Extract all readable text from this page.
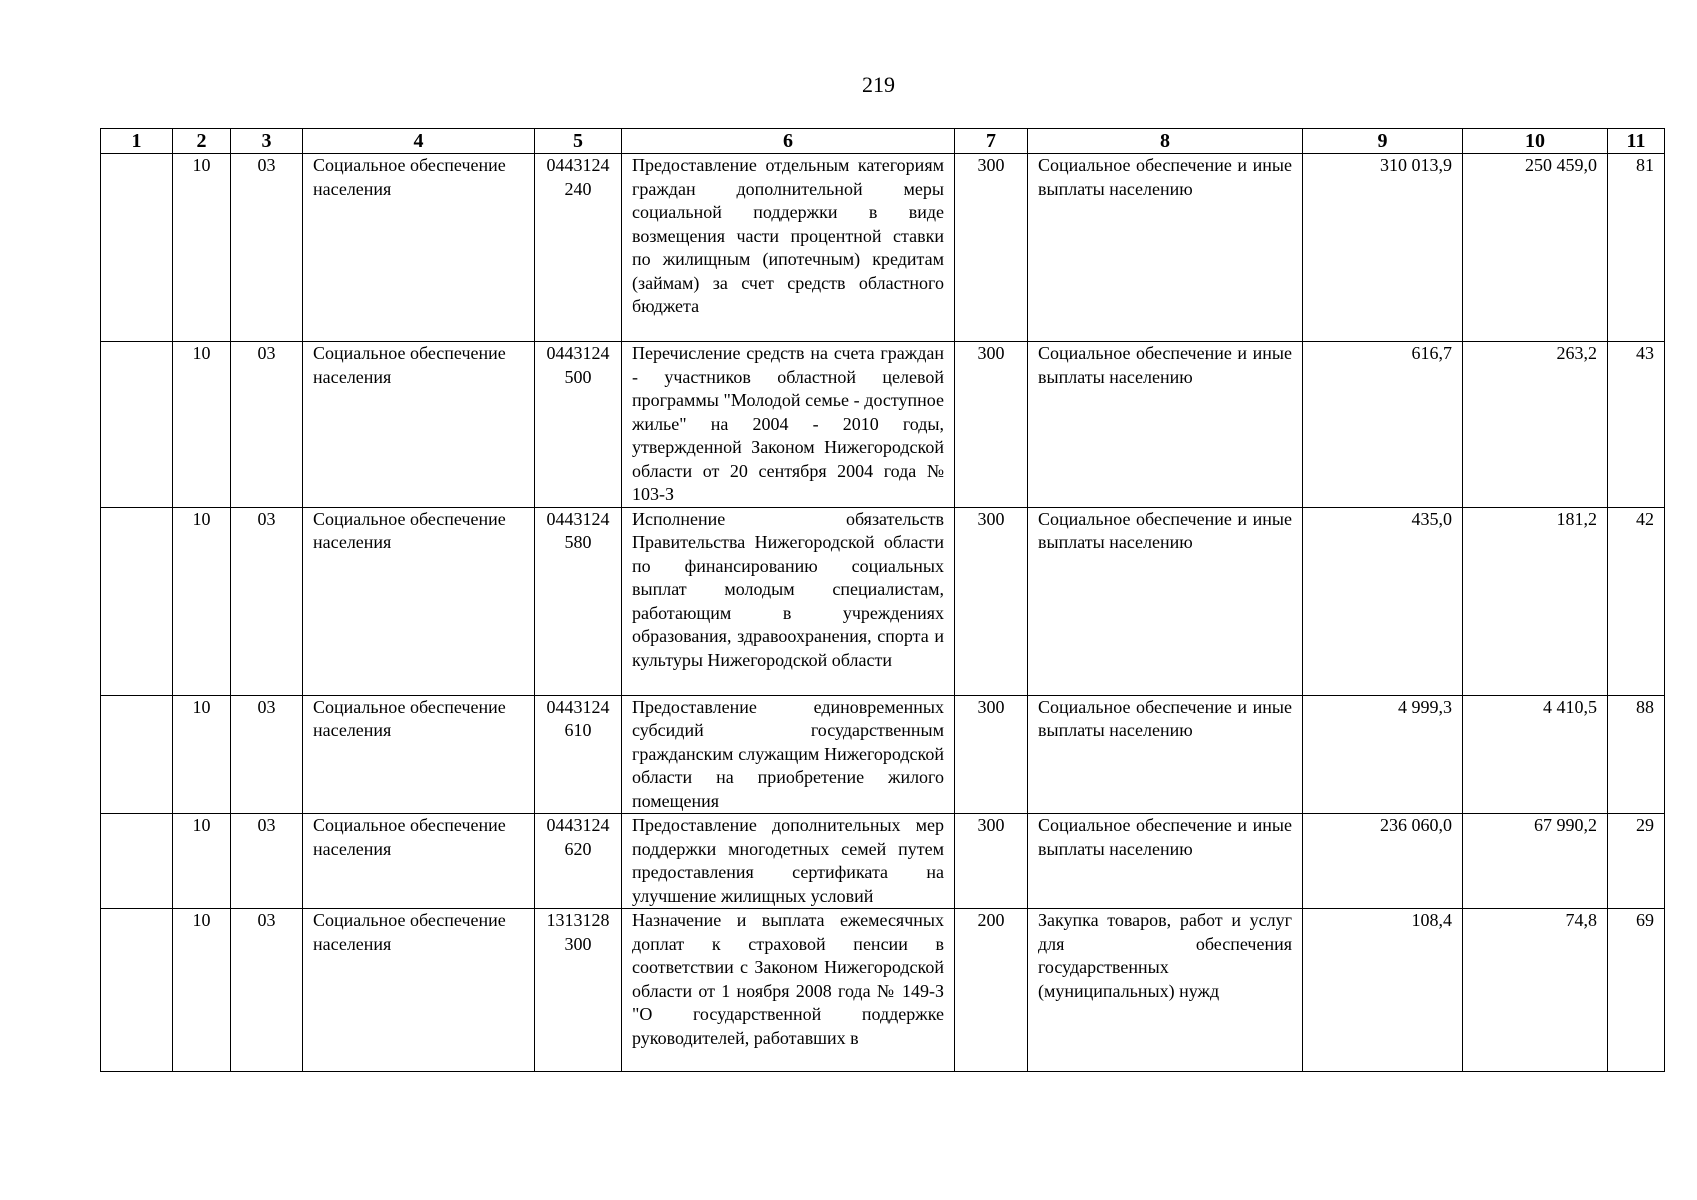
219
1	2	3	4	5	6	7	8	9	10	11
	10	03	Социальное обеспечение населения	0443124240	Предоставление отдельным категориям граждан дополнительной меры социальной поддержки в виде возмещения части процентной ставки по жилищным (ипотечным) кредитам (займам) за счет средств областного бюджета	300	Социальное обеспечение и иные выплаты населению	310 013,9	250 459,0	81
	10	03	Социальное обеспечение населения	0443124500	Перечисление средств на счета граждан - участников областной целевой программы "Молодой семье - доступное жилье" на 2004 - 2010 годы, утвержденной Законом Нижегородской области от 20 сентября 2004 года № 103-З	300	Социальное обеспечение и иные выплаты населению	616,7	263,2	43
	10	03	Социальное обеспечение населения	0443124580	Исполнение обязательств Правительства Нижегородской области по финансированию социальных выплат молодым специалистам, работающим в учреждениях образования, здравоохранения, спорта и культуры Нижегородской области	300	Социальное обеспечение и иные выплаты населению	435,0	181,2	42
	10	03	Социальное обеспечение населения	0443124610	Предоставление единовременных субсидий государственным гражданским служащим Нижегородской области на приобретение жилого помещения	300	Социальное обеспечение и иные выплаты населению	4 999,3	4 410,5	88
	10	03	Социальное обеспечение населения	0443124620	Предоставление дополнительных мер поддержки многодетных семей путем предоставления сертификата на улучшение жилищных условий	300	Социальное обеспечение и иные выплаты населению	236 060,0	67 990,2	29
	10	03	Социальное обеспечение населения	1313128300	Назначение и выплата ежемесячных доплат к страховой пенсии в соответствии с Законом Нижегородской области от 1 ноября 2008 года № 149-З "О государственной поддержке руководителей, работавших в	200	Закупка товаров, работ и услуг для обеспечения государственных (муниципальных) нужд	108,4	74,8	69
